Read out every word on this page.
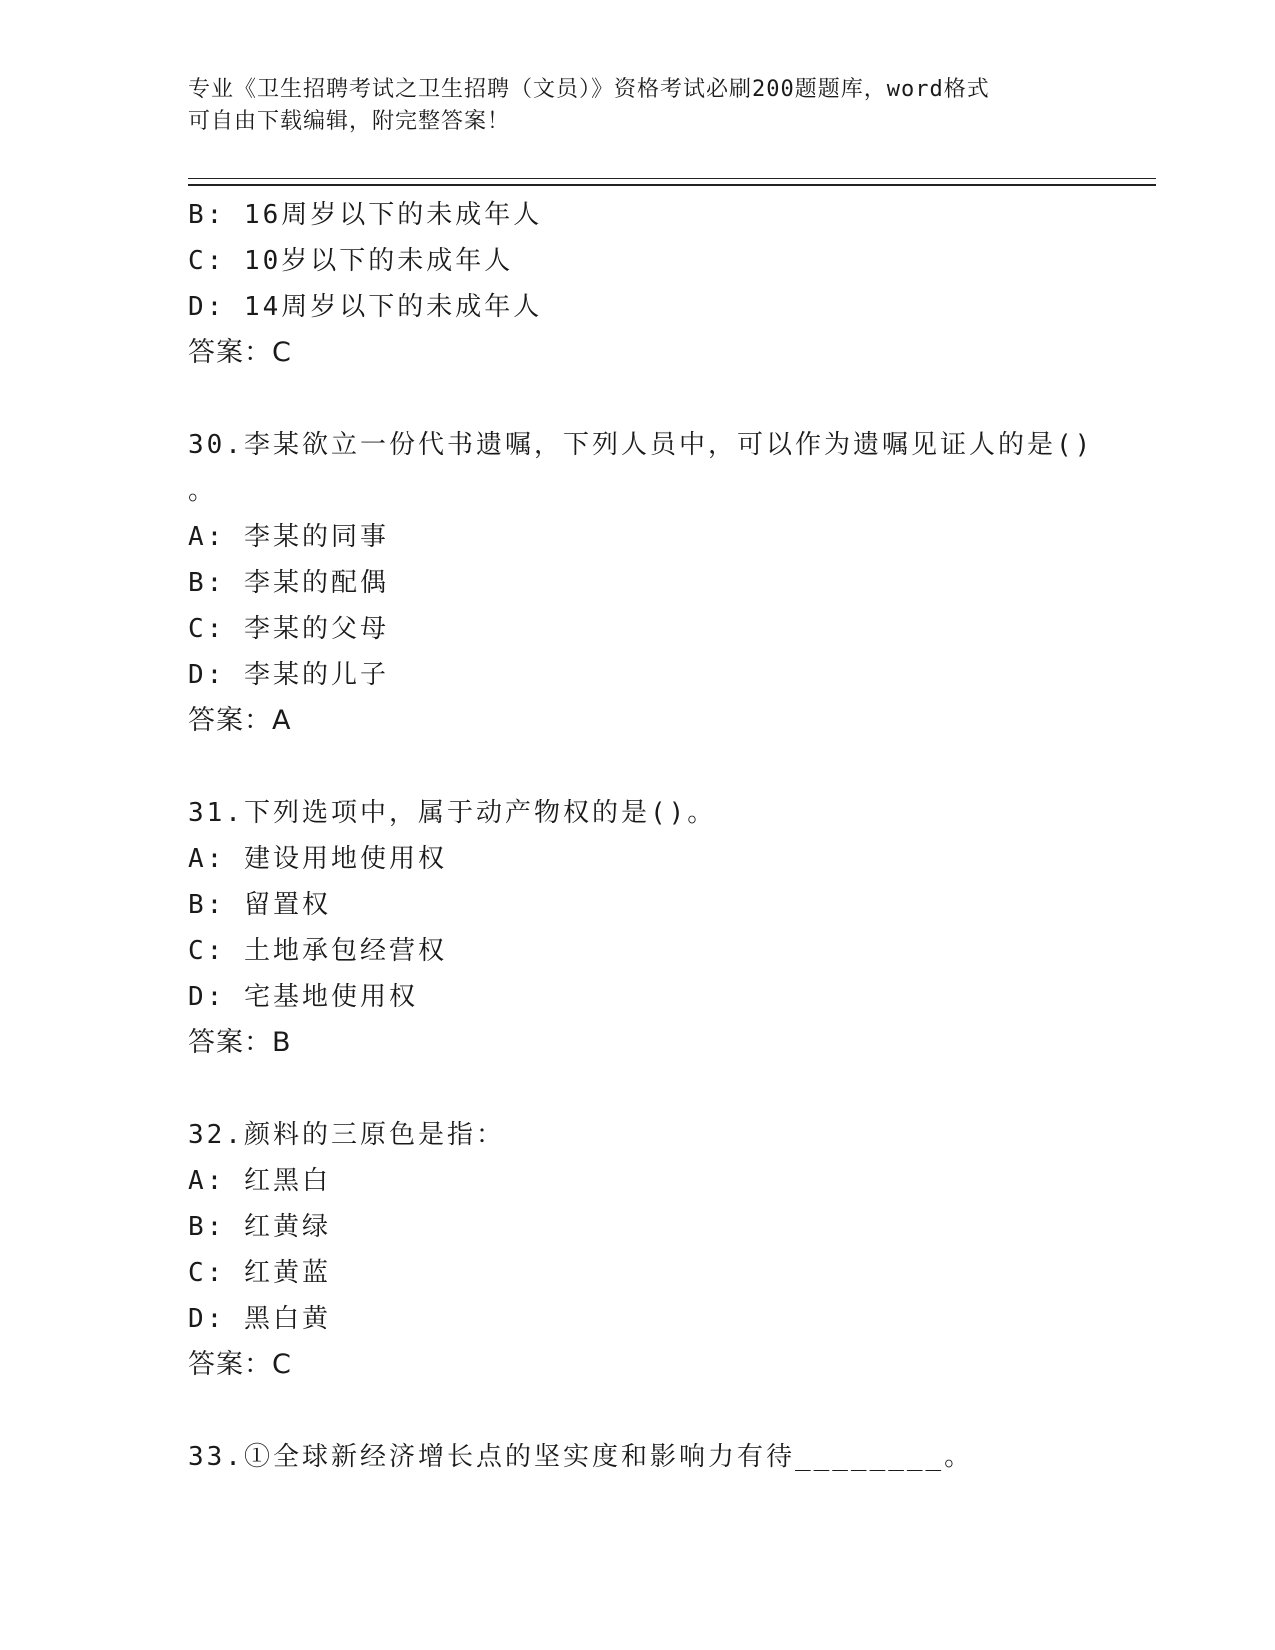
专业《卫生招聘考试之卫生招聘（文员）》资格考试必刷200题题库，word格式
可自由下载编辑，附完整答案！
B: 16周岁以下的未成年人
C: 10岁以下的未成年人
D: 14周岁以下的未成年人
答案：C
30.李某欲立一份代书遗嘱，下列人员中，可以作为遗嘱见证人的是()
。
A: 李某的同事
B: 李某的配偶
C: 李某的父母
D: 李某的儿子
答案：A
31.下列选项中，属于动产物权的是()。
A: 建设用地使用权
B: 留置权
C: 土地承包经营权
D: 宅基地使用权
答案：B
32.颜料的三原色是指：
A: 红黑白
B: 红黄绿
C: 红黄蓝
D: 黑白黄
答案：C
33.①全球新经济增长点的坚实度和影响力有待________。
